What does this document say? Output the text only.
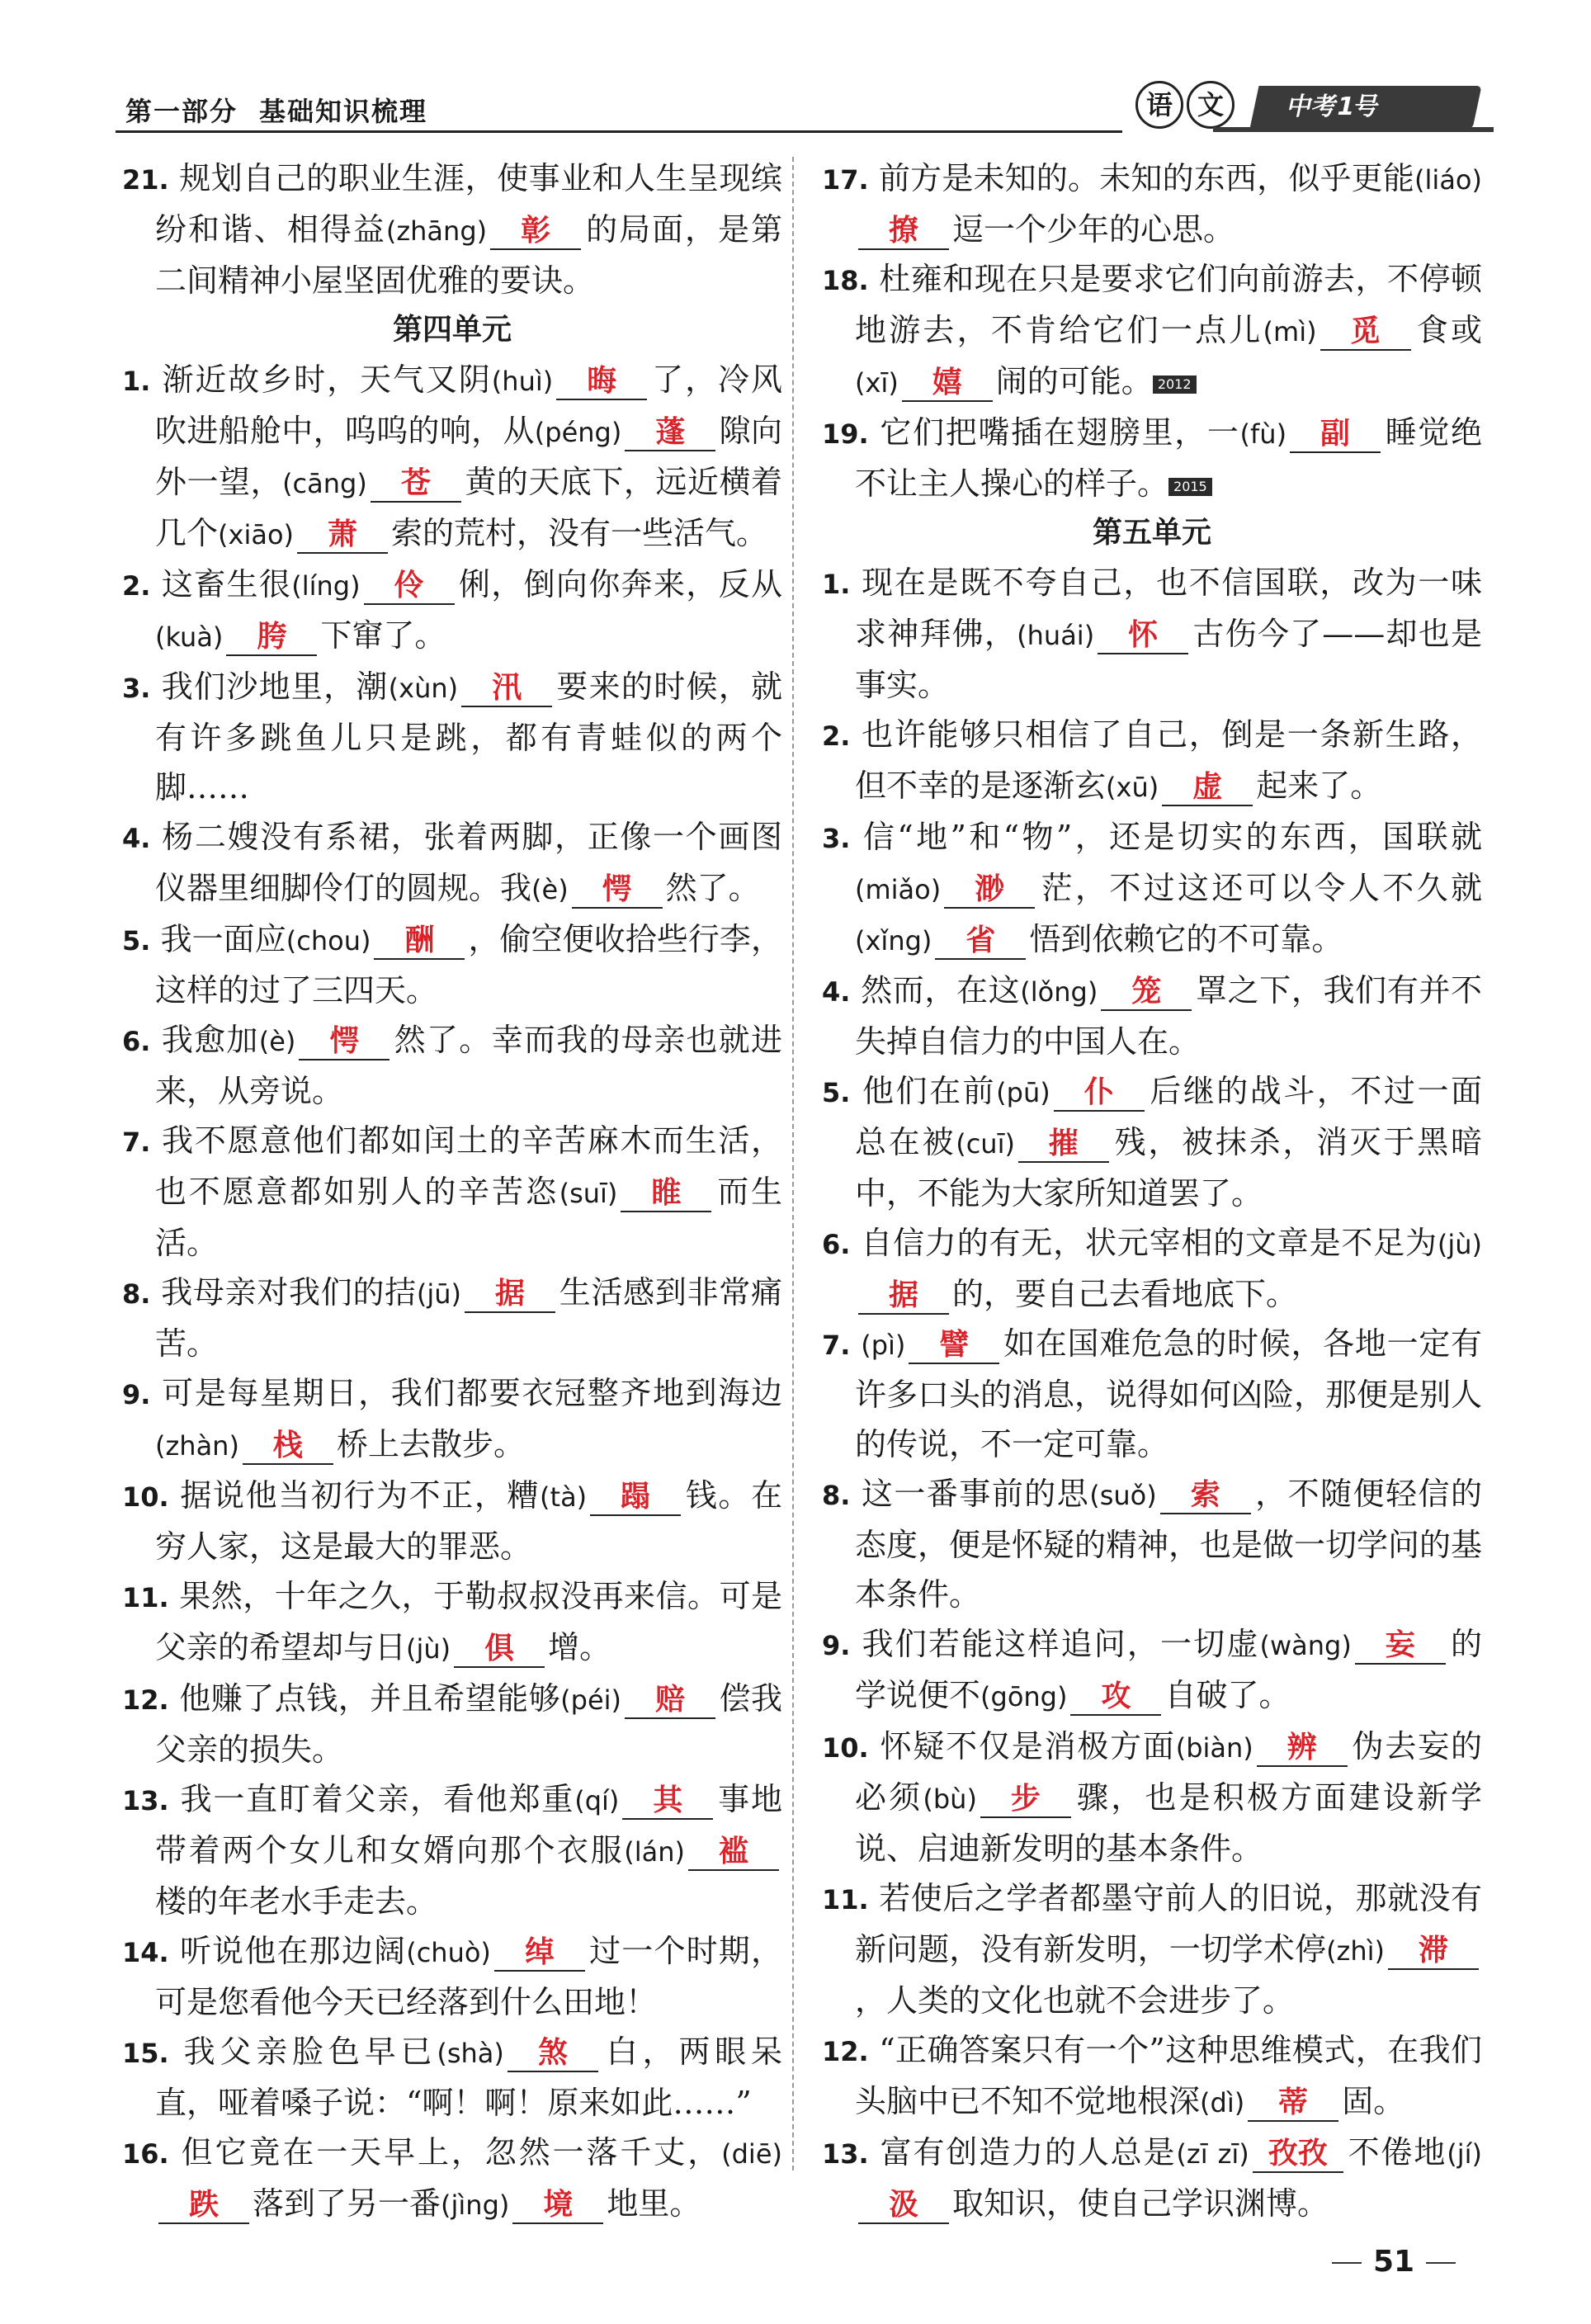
第一部分 基础知识梳理	语 文	中考1号

21. 规划自己的职业生涯，使事业和人生呈现缤纷和谐、相得益(zhāng) 彰 的局面，是第二间精神小屋坚固优雅的要诀。

第四单元

1. 渐近故乡时，天气又阴(huì) 晦 了，冷风吹进船舱中，呜呜的响，从(péng) 蓬 隙向外一望，(cāng) 苍 黄的天底下，远近横着几个(xiāo) 萧 索的荒村，没有一些活气。

2. 这畜生很(líng) 伶 俐，倒向你奔来，反从(kuà) 胯 下窜了。

3. 我们沙地里，潮(xùn) 汛 要来的时候，就有许多跳鱼儿只是跳，都有青蛙似的两个脚……

4. 杨二嫂没有系裙，张着两脚，正像一个画图仪器里细脚伶仃的圆规。我(è) 愕 然了。

5. 我一面应(chou) 酬 ，偷空便收拾些行李，这样的过了三四天。

6. 我愈加(è) 愕 然了。幸而我的母亲也就进来，从旁说。

7. 我不愿意他们都如闰土的辛苦麻木而生活，也不愿意都如别人的辛苦恣(suī) 睢 而生活。

8. 我母亲对我们的拮(jū) 据 生活感到非常痛苦。

9. 可是每星期日，我们都要衣冠整齐地到海边(zhàn) 栈 桥上去散步。

10. 据说他当初行为不正，糟(tà) 蹋 钱。在穷人家，这是最大的罪恶。

11. 果然，十年之久，于勒叔叔没再来信。可是父亲的希望却与日(jù) 俱 增。

12. 他赚了点钱，并且希望能够(péi) 赔 偿我父亲的损失。

13. 我一直盯着父亲，看他郑重(qí) 其 事地带着两个女儿和女婿向那个衣服(lán) 褴楼的年老水手走去。

14. 听说他在那边阔(chuò) 绰 过一个时期，可是您看他今天已经落到什么田地！

15. 我父亲脸色早已(shà) 煞 白，两眼呆直，哑着嗓子说：“啊！啊！原来如此……”

16. 但它竟在一天早上，忽然一落千丈，(diē)跌 落到了另一番(jìng) 境 地里。

17. 前方是未知的。未知的东西，似乎更能(liáo)撩 逗一个少年的心思。

18. 杜雍和现在只是要求它们向前游去，不停顿地游去，不肯给它们一点儿(mì) 觅 食或(xī) 嬉 闹的可能。 2012

19. 它们把嘴插在翅膀里，一(fù) 副 睡觉绝不让主人操心的样子。 2015

第五单元

1. 现在是既不夸自己，也不信国联，改为一味求神拜佛，(huái) 怀 古伤今了——却也是事实。

2. 也许能够只相信了自己，倒是一条新生路，但不幸的是逐渐玄(xū) 虚 起来了。

3. 信“地”和“物”，还是切实的东西，国联就(miǎo) 渺 茫，不过这还可以令人不久就(xǐng) 省 悟到依赖它的不可靠。

4. 然而，在这(lǒng) 笼 罩之下，我们有并不失掉自信力的中国人在。

5. 他们在前(pū) 仆 后继的战斗，不过一面总在被(cuī) 摧 残，被抹杀，消灭于黑暗中，不能为大家所知道罢了。

6. 自信力的有无，状元宰相的文章是不足为(jù)据 的，要自己去看地底下。

7. (pì) 譬 如在国难危急的时候，各地一定有许多口头的消息，说得如何凶险，那便是别人的传说，不一定可靠。

8. 这一番事前的思(suǒ) 索 ，不随便轻信的态度，便是怀疑的精神，也是做一切学问的基本条件。

9. 我们若能这样追问，一切虚(wàng) 妄 的学说便不(gōng) 攻 自破了。

10. 怀疑不仅是消极方面(biàn) 辨 伪去妄的必须(bù) 步 骤，也是积极方面建设新学说、启迪新发明的基本条件。

11. 若使后之学者都墨守前人的旧说，那就没有新问题，没有新发明，一切学术停(zhì) 滞，人类的文化也就不会进步了。

12. “正确答案只有一个”这种思维模式，在我们头脑中已不知不觉地根深(dì) 蒂 固。

13. 富有创造力的人总是(zī zī) 孜孜 不倦地(jí)汲 取知识，使自己学识渊博。

51
